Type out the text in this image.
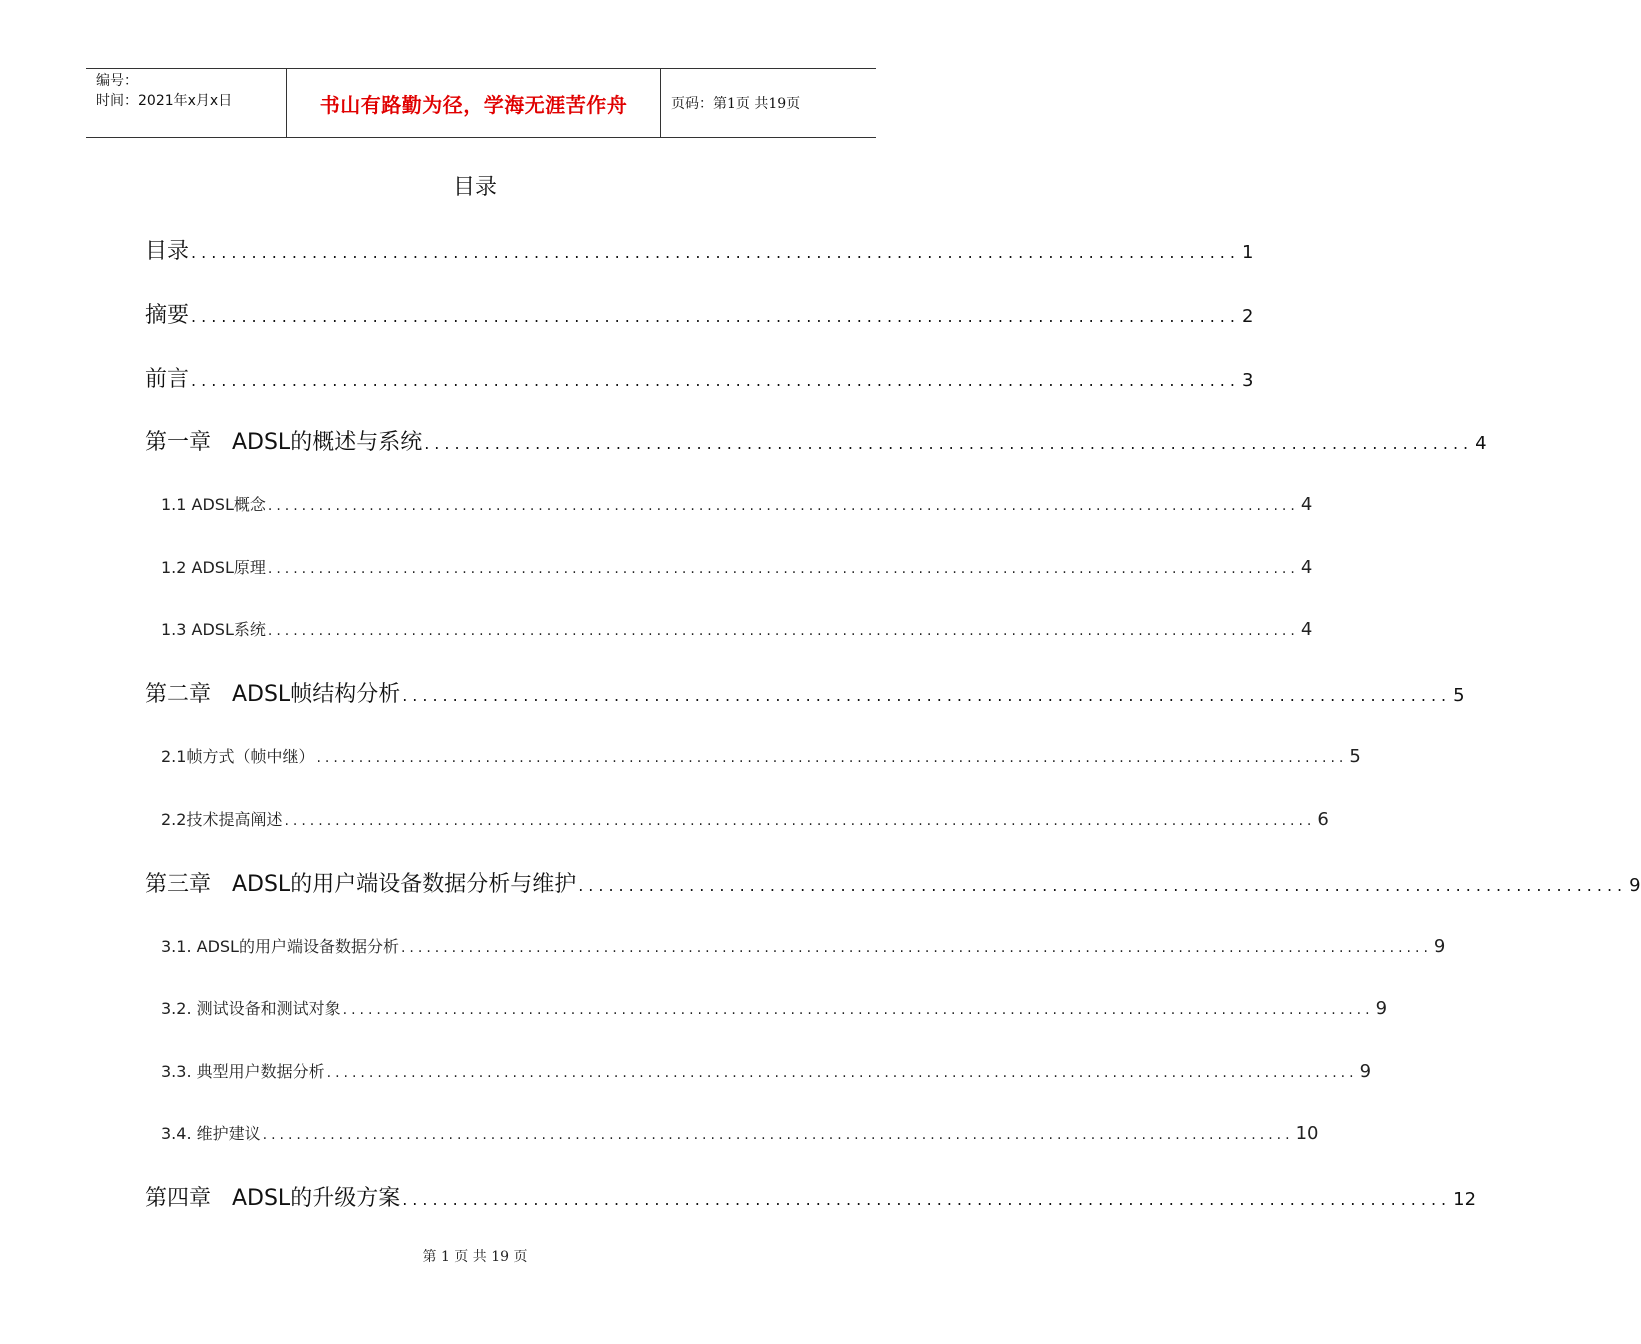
编号：
时间：2021年x月x日	书山有路勤为径，学海无涯苦作舟	页码：第1页 共19页
目录
目录 ........................................................................................................ 1
摘要 ........................................................................................................ 2
前言 ........................................................................................................ 3
第一章   ADSL的概述与系统 ........................................................................................................ 4
1.1 ADSL概念 .......................................................................................................................... 4
1.2 ADSL原理 .......................................................................................................................... 4
1.3 ADSL系统 .......................................................................................................................... 4
第二章   ADSL帧结构分析 ........................................................................................................ 5
2.1帧方式（帧中继） .......................................................................................................................... 5
2.2技术提高阐述 .......................................................................................................................... 6
第三章   ADSL的用户端设备数据分析与维护 ........................................................................................................ 9
3.1. ADSL的用户端设备数据分析 .......................................................................................................................... 9
3.2. 测试设备和测试对象 .......................................................................................................................... 9
3.3. 典型用户数据分析 .......................................................................................................................... 9
3.4. 维护建议 .......................................................................................................................... 10
第四章   ADSL的升级方案 ........................................................................................................ 12
第 1 页 共 19 页
